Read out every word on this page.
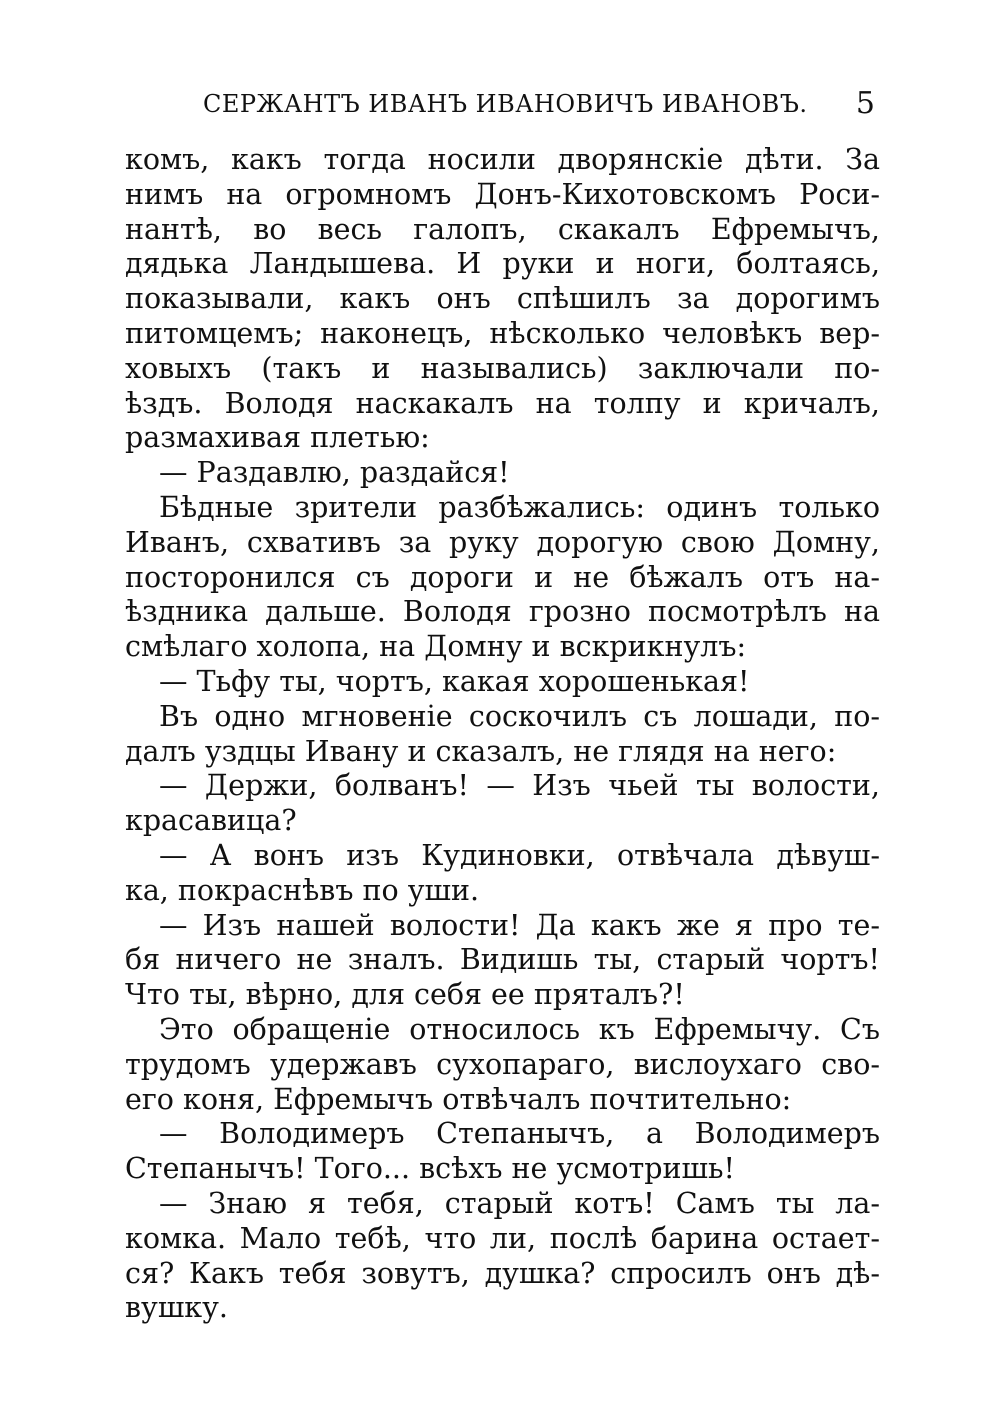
СЕРЖАНТЪ ИВАНЪ ИВАНОВИЧЪ ИВАНОВЪ. 5
комъ, какъ тогда носили дворянскіе дѣти. За
нимъ на огромномъ Донъ-Кихотовскомъ Роси-
нантѣ, во весь галопъ, скакалъ Ефремычъ,
дядька Ландышева. И руки и ноги, болтаясь,
показывали, какъ онъ спѣшилъ за дорогимъ
питомцемъ; наконецъ, нѣсколько человѣкъ вер-
ховыхъ (такъ и назывались) заключали по-
ѣздъ. Володя наскакалъ на толпу и кричалъ,
размахивая плетью:
— Раздавлю, раздайся!
Бѣдные зрители разбѣжались: одинъ только
Иванъ, схвативъ за руку дорогую свою Домну,
посторонился съ дороги и не бѣжалъ отъ на-
ѣздника дальше. Володя грозно посмотрѣлъ на
смѣлаго холопа, на Домну и вскрикнулъ:
— Тьфу ты, чортъ, какая хорошенькая!
Въ одно мгновеніе соскочилъ съ лошади, по-
далъ уздцы Ивану и сказалъ, не глядя на него:
— Держи, болванъ! — Изъ чьей ты волости,
красавица?
— А вонъ изъ Кудиновки, отвѣчала дѣвуш-
ка, покраснѣвъ по уши.
— Изъ нашей волости! Да какъ же я про те-
бя ничего не зналъ. Видишь ты, старый чортъ!
Что ты, вѣрно, для себя ее пряталъ?!
Это обращеніе относилось къ Ефремычу. Съ
трудомъ удержавъ сухопараго, вислоухаго сво-
его коня, Ефремычъ отвѣчалъ почтительно:
— Володимеръ Степанычъ, а Володимеръ
Степанычъ! Того... всѣхъ не усмотришь!
— Знаю я тебя, старый котъ! Самъ ты ла-
комка. Мало тебѣ, что ли, послѣ барина остает-
ся? Какъ тебя зовутъ, душка? спросилъ онъ дѣ-
вушку.
